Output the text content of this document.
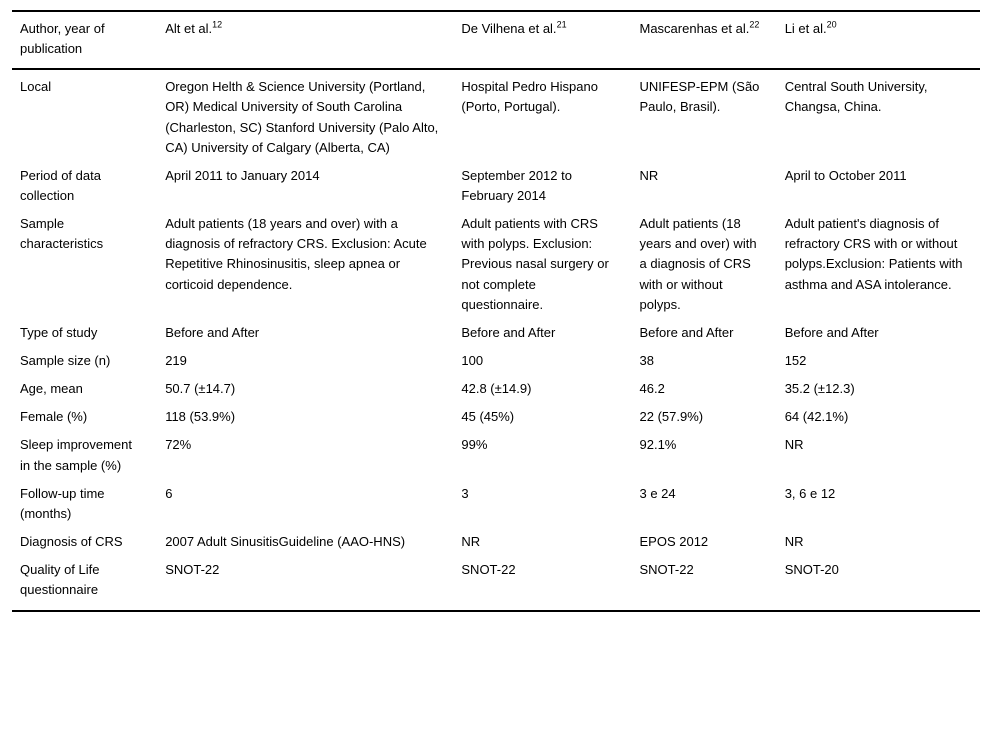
Author, year of publication	Alt et al.$^{12}$	De Vilhena et al.$^{21}$	Mascarenhas et al.$^{22}$	Li et al.$^{20}$
Local	Oregon Helth & Science University (Portland, OR) Medical University of South Carolina (Charleston, SC) Stanford University (Palo Alto, CA) University of Calgary (Alberta, CA)	Hospital Pedro Hispano (Porto, Portugal).	UNIFESP-EPM (São Paulo, Brasil).	Central South University, Changsa, China.
Period of data collection	April 2011 to January 2014	September 2012 to February 2014	NR	April to October 2011
Sample characteristics	Adult patients (18 years and over) with a diagnosis of refractory CRS. Exclusion: Acute Repetitive Rhinosinusitis, sleep apnea or corticoid dependence.	Adult patients with CRS with polyps. Exclusion: Previous nasal surgery or not complete questionnaire.	Adult patients (18 years and over) with a diagnosis of CRS with or without polyps.	Adult patient's diagnosis of refractory CRS with or without polyps.Exclusion: Patients with asthma and ASA intolerance.
Type of study	Before and After	Before and After	Before and After	Before and After
Sample size (n)	219	100	38	152
Age, mean	50.7 (±14.7)	42.8 (±14.9)	46.2	35.2 (±12.3)
Female (%)	118 (53.9%)	45 (45%)	22 (57.9%)	64 (42.1%)
Sleep improvement in the sample (%)	72%	99%	92.1%	NR
Follow-up time (months)	6	3	3 e 24	3, 6 e 12
Diagnosis of CRS	2007 Adult SinusitisGuideline (AAO-HNS)	NR	EPOS 2012	NR
Quality of Life questionnaire	SNOT-22	SNOT-22	SNOT-22	SNOT-20
